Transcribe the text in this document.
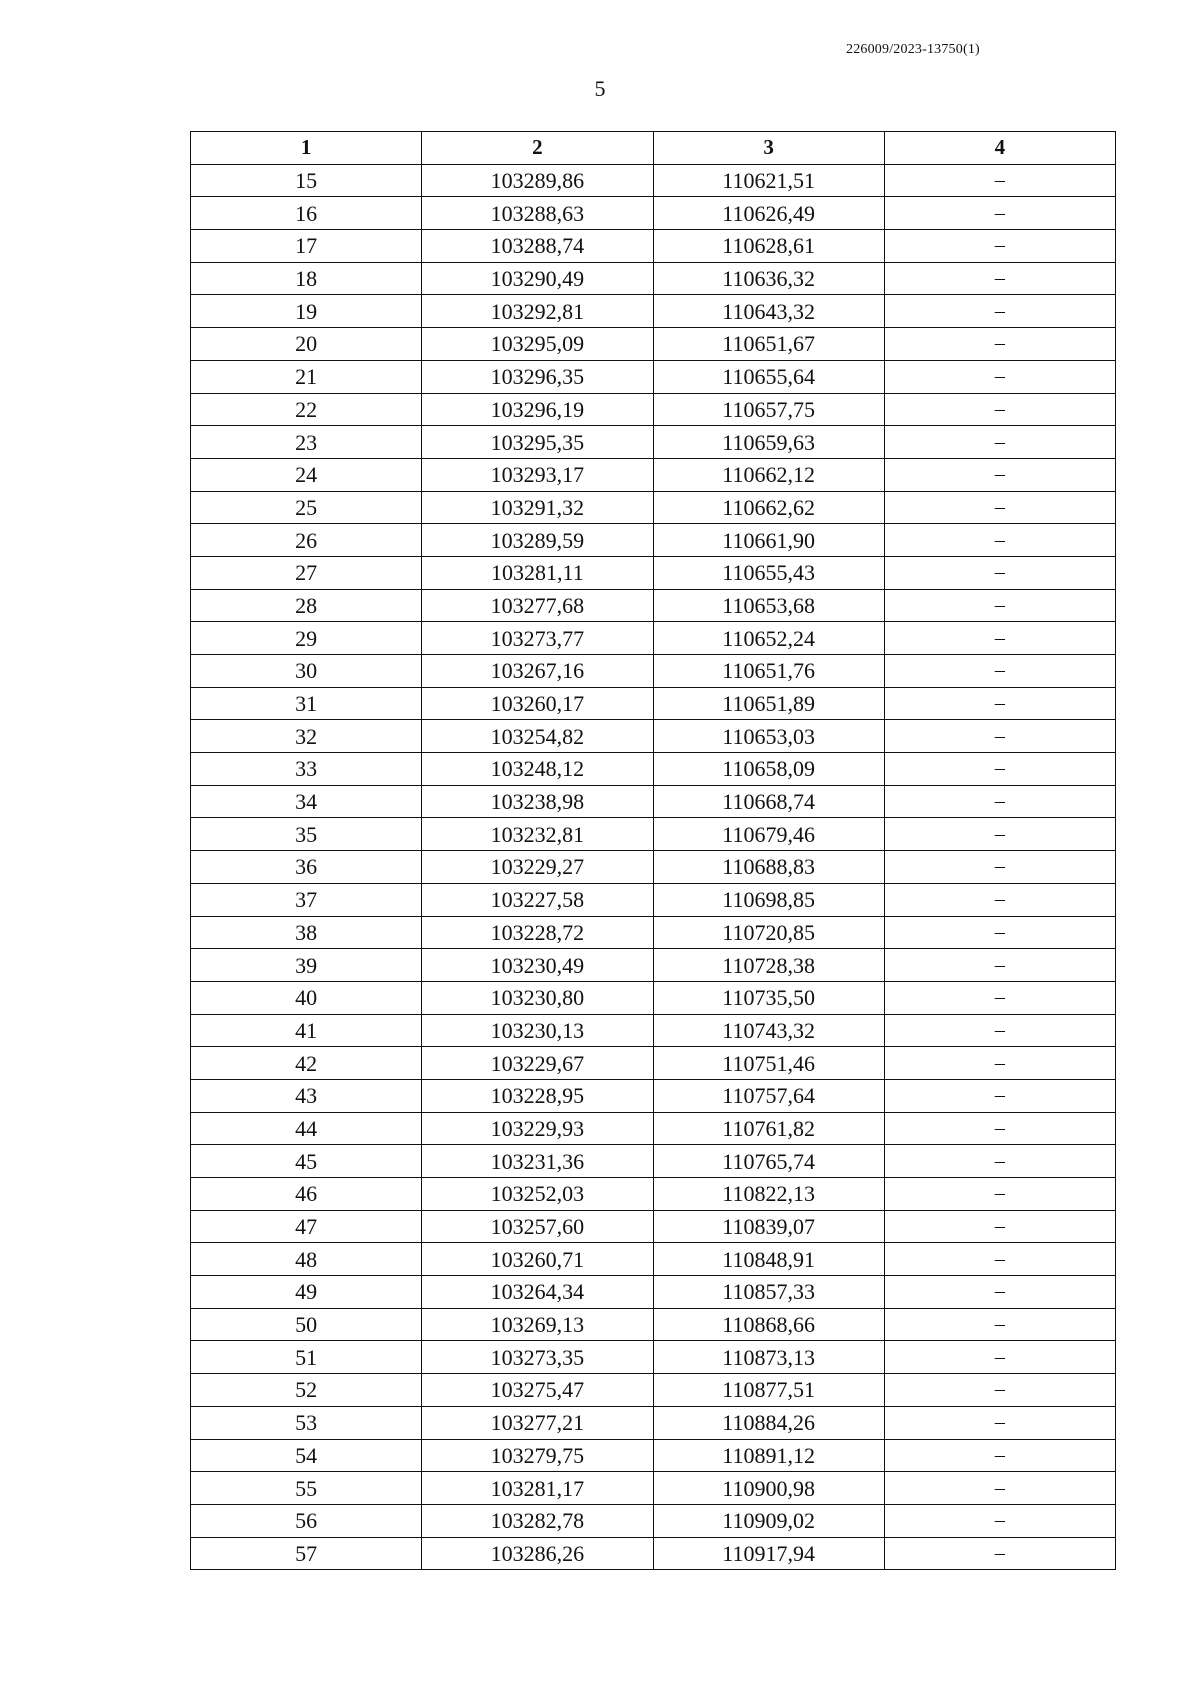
226009/2023-13750(1)
5
1	2	3	4
15	103289,86	110621,51	–
16	103288,63	110626,49	–
17	103288,74	110628,61	–
18	103290,49	110636,32	–
19	103292,81	110643,32	–
20	103295,09	110651,67	–
21	103296,35	110655,64	–
22	103296,19	110657,75	–
23	103295,35	110659,63	–
24	103293,17	110662,12	–
25	103291,32	110662,62	–
26	103289,59	110661,90	–
27	103281,11	110655,43	–
28	103277,68	110653,68	–
29	103273,77	110652,24	–
30	103267,16	110651,76	–
31	103260,17	110651,89	–
32	103254,82	110653,03	–
33	103248,12	110658,09	–
34	103238,98	110668,74	–
35	103232,81	110679,46	–
36	103229,27	110688,83	–
37	103227,58	110698,85	–
38	103228,72	110720,85	–
39	103230,49	110728,38	–
40	103230,80	110735,50	–
41	103230,13	110743,32	–
42	103229,67	110751,46	–
43	103228,95	110757,64	–
44	103229,93	110761,82	–
45	103231,36	110765,74	–
46	103252,03	110822,13	–
47	103257,60	110839,07	–
48	103260,71	110848,91	–
49	103264,34	110857,33	–
50	103269,13	110868,66	–
51	103273,35	110873,13	–
52	103275,47	110877,51	–
53	103277,21	110884,26	–
54	103279,75	110891,12	–
55	103281,17	110900,98	–
56	103282,78	110909,02	–
57	103286,26	110917,94	–
